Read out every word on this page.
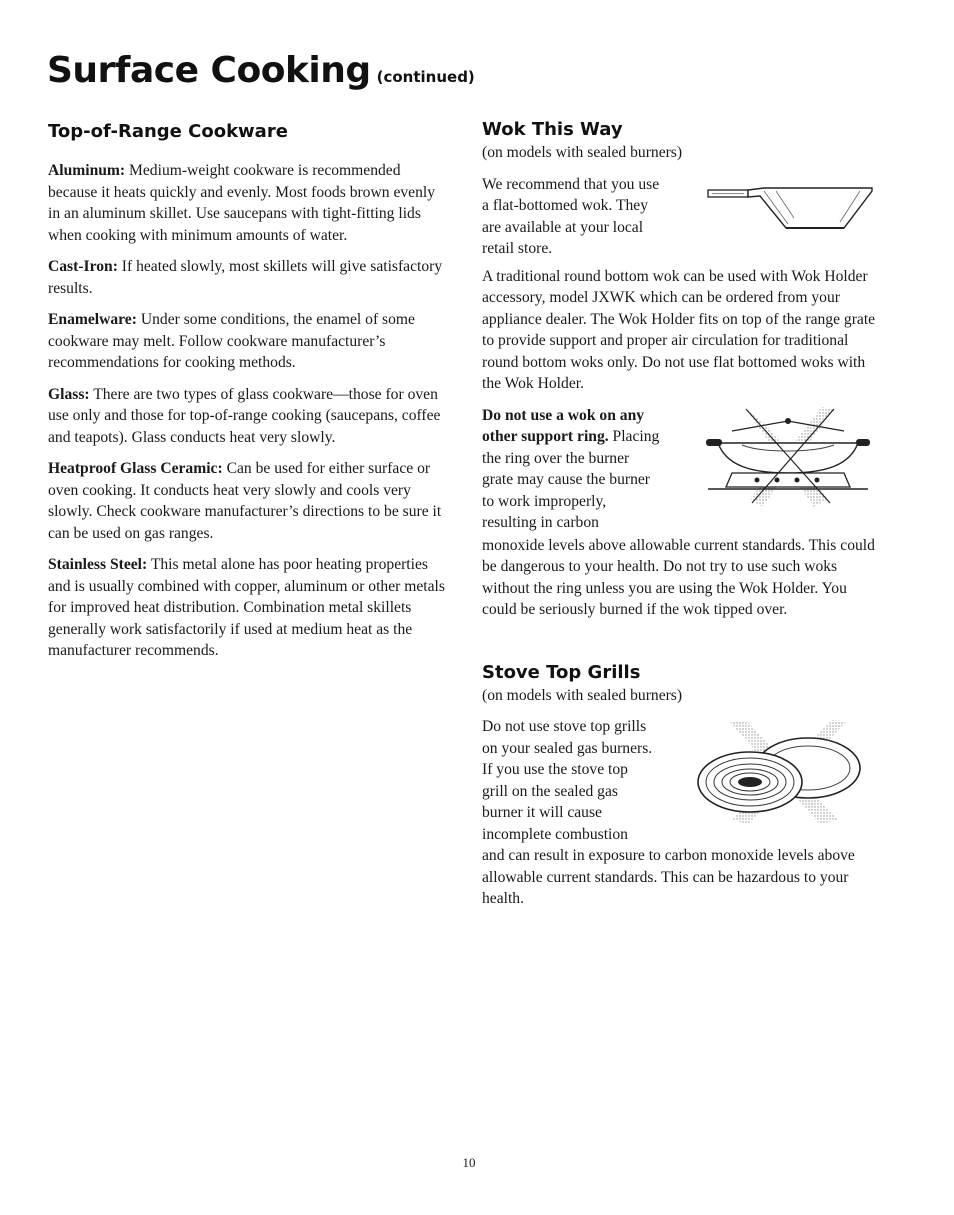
Surface Cooking (continued)
Top-of-Range Cookware

Aluminum: Medium-weight cookware is recommended because it heats quickly and evenly. Most foods brown evenly in an aluminum skillet. Use saucepans with tight-fitting lids when cooking with minimum amounts of water.

Cast-Iron: If heated slowly, most skillets will give satisfactory results.

Enamelware: Under some conditions, the enamel of some cookware may melt. Follow cookware manufacturer’s recommendations for cooking methods.

Glass: There are two types of glass cookware—those for oven use only and those for top-of-range cooking (saucepans, coffee and teapots). Glass conducts heat very slowly.

Heatproof Glass Ceramic: Can be used for either surface or oven cooking. It conducts heat very slowly and cools very slowly. Check cookware manufacturer’s directions to be sure it can be used on gas ranges.

Stainless Steel: This metal alone has poor heating properties and is usually combined with copper, aluminum or other metals for improved heat distribution. Combination metal skillets generally work satisfactorily if used at medium heat as the manufacturer recommends.

Wok This Way
(on models with sealed burners)

We recommend that you use

a flat-bottomed wok. They

are available at your local

retail store.

A traditional round bottom wok can be used with Wok Holder accessory, model JXWK which can be ordered from your appliance dealer. The Wok Holder fits on top of the range grate to provide support and proper air circulation for traditional round bottom woks only. Do not use flat bottomed woks with the Wok Holder.

Do not use a wok on any

other support ring. Placing

the ring over the burner

grate may cause the burner

to work improperly,

resulting in carbon

monoxide levels above allowable current standards. This could be dangerous to your health. Do not try to use such woks without the ring unless you are using the Wok Holder. You could be seriously burned if the wok tipped over.

Stove Top Grills
(on models with sealed burners)

Do not use stove top grills

on your sealed gas burners.

If you use the stove top

grill on the sealed gas

burner it will cause

incomplete combustion

and can result in exposure to carbon monoxide levels above allowable current standards. This can be hazardous to your health.

10
